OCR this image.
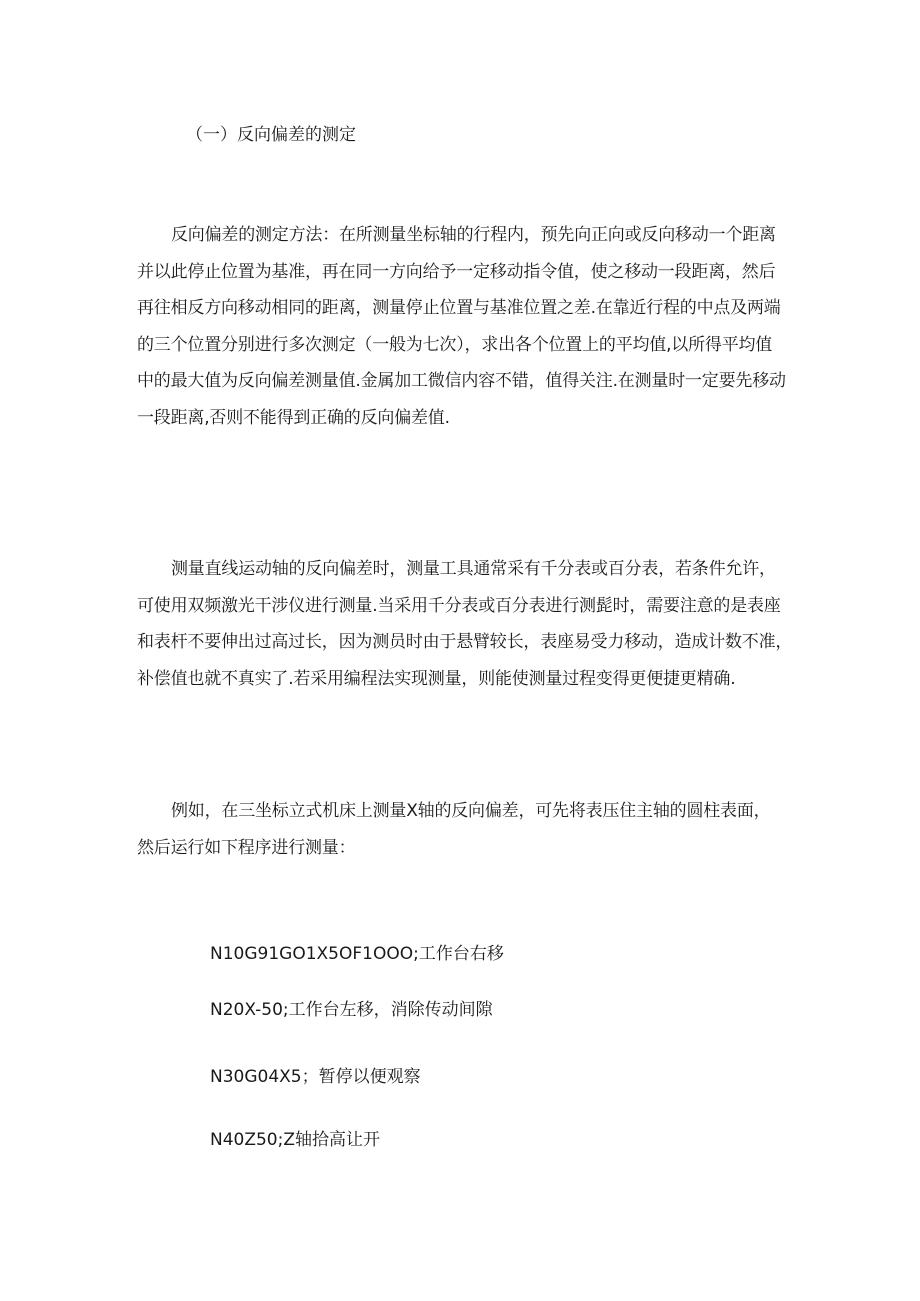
（一）反向偏差的测定
反向偏差的测定方法：在所测量坐标轴的行程内，预先向正向或反向移动一个距离
并以此停止位置为基准，再在同一方向给予一定移动指令值，使之移动一段距离，然后
再往相反方向移动相同的距离，测量停止位置与基准位置之差.在靠近行程的中点及两端
的三个位置分别进行多次测定（一般为七次），求出各个位置上的平均值,以所得平均值
中的最大值为反向偏差测量值.金属加工微信内容不错，值得关注.在测量时一定要先移动
一段距离,否则不能得到正确的反向偏差值.
测量直线运动轴的反向偏差时，测量工具通常采有千分表或百分表，若条件允许，
可使用双频激光干涉仪进行测量.当采用千分表或百分表进行测髭时，需要注意的是表座
和表杆不要伸出过高过长，因为测员时由于悬臂较长，表座易受力移动，造成计数不准，
补偿值也就不真实了.若采用编程法实现测量，则能使测量过程变得更便捷更精确.
例如，在三坐标立式机床上测量X轴的反向偏差，可先将表压住主轴的圆柱表面，
然后运行如下程序进行测量：
N10G91GO1X5OF1OOO;工作台右移
N20X-50;工作台左移，消除传动间隙
N30G04X5；暂停以便观察
N40Z50;Z轴拾高让开
